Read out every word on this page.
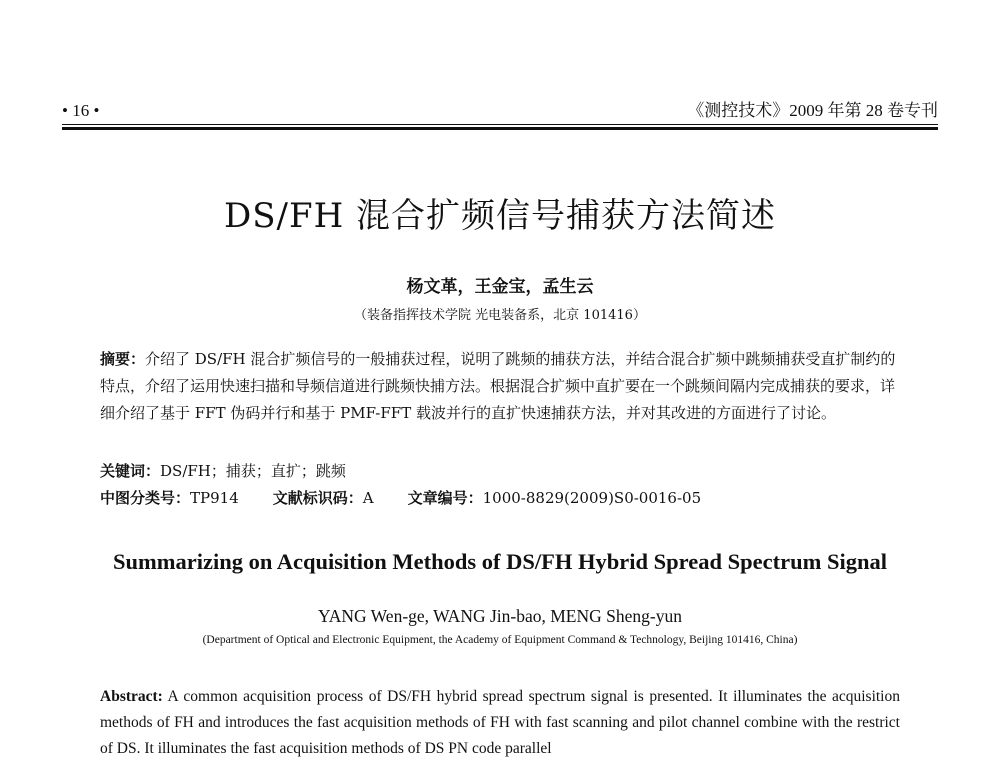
• 16 •	《测控技术》2009 年第 28 卷专刊
DS/FH 混合扩频信号捕获方法简述
杨文革，王金宝，孟生云
（装备指挥技术学院 光电装备系，北京 101416）
摘要：介绍了 DS/FH 混合扩频信号的一般捕获过程，说明了跳频的捕获方法，并结合混合扩频中跳频捕获受直扩制约的特点，介绍了运用快速扫描和导频信道进行跳频快捕方法。根据混合扩频中直扩要在一个跳频间隔内完成捕获的要求，详细介绍了基于 FFT 伪码并行和基于 PMF-FFT 载波并行的直扩快速捕获方法，并对其改进的方面进行了讨论。
关键词：DS/FH；捕获；直扩；跳频
中图分类号：TP914 文献标识码：A 文章编号：1000-8829(2009)S0-0016-05
Summarizing on Acquisition Methods of DS/FH Hybrid Spread Spectrum Signal
YANG Wen-ge, WANG Jin-bao, MENG Sheng-yun
(Department of Optical and Electronic Equipment, the Academy of Equipment Command & Technology, Beijing 101416, China)
Abstract: A common acquisition process of DS/FH hybrid spread spectrum signal is presented. It illuminates the acquisition methods of FH and introduces the fast acquisition methods of FH with fast scanning and pilot channel combine with the restrict of DS. It illuminates the fast acquisition methods of DS PN code parallel
